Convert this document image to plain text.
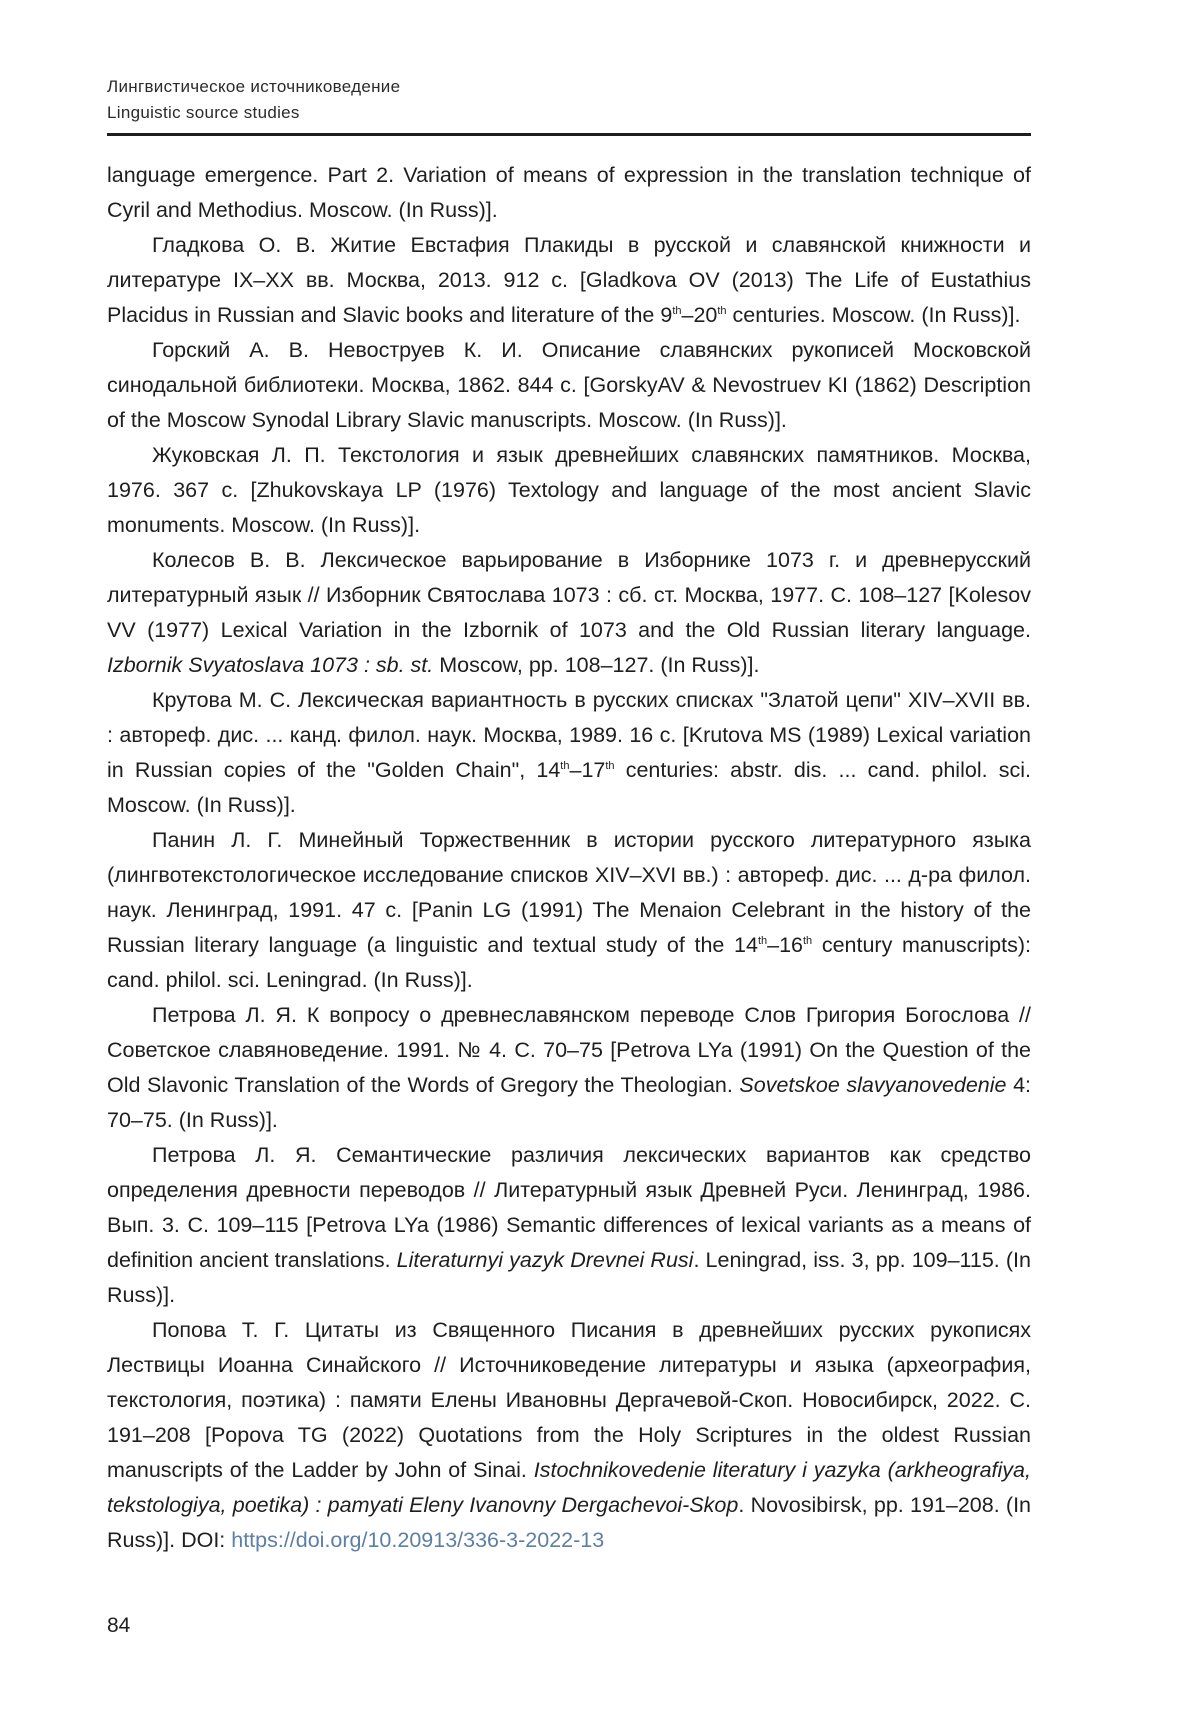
Лингвистическое источниковедение
Linguistic source studies

language emergence. Part 2. Variation of means of expression in the translation technique of Cyril and Methodius. Moscow. (In Russ)].

Гладкова О. В. Житие Евстафия Плакиды в русской и славянской книжности и литературе IX–XX вв. Москва, 2013. 912 с. [Gladkova OV (2013) The Life of Eustathius Placidus in Russian and Slavic books and literature of the 9th–20th centuries. Moscow. (In Russ)].

Горский А. В. Невоструев К. И. Описание славянских рукописей Московской синодальной библиотеки. Москва, 1862. 844 с. [GorskyAV & Nevostruev KI (1862) Description of the Moscow Synodal Library Slavic manuscripts. Moscow. (In Russ)].

Жуковская Л. П. Текстология и язык древнейших славянских памятников. Москва, 1976. 367 с. [Zhukovskaya LP (1976) Textology and language of the most ancient Slavic monuments. Moscow. (In Russ)].

Колесов В. В. Лексическое варьирование в Изборнике 1073 г. и древнерусский литературный язык // Изборник Святослава 1073 : сб. ст. Москва, 1977. С. 108–127 [Kolesov VV (1977) Lexical Variation in the Izbornik of 1073 and the Old Russian literary language. Izbornik Svyatoslava 1073 : sb. st. Moscow, pp. 108–127. (In Russ)].

Крутова М. С. Лексическая вариантность в русских списках "Златой цепи" XIV–XVII вв. : автореф. дис. ... канд. филол. наук. Москва, 1989. 16 с. [Krutova MS (1989) Lexical variation in Russian copies of the "Golden Chain", 14th–17th centuries: abstr. dis. ... cand. philol. sci. Moscow. (In Russ)].

Панин Л. Г. Минейный Торжественник в истории русского литературного языка (лингвотекстологическое исследование списков XIV–XVI вв.) : автореф. дис. ... д-ра филол. наук. Ленинград, 1991. 47 с. [Panin LG (1991) The Menaion Celebrant in the history of the Russian literary language (a linguistic and textual study of the 14th–16th century manuscripts): cand. philol. sci. Leningrad. (In Russ)].

Петрова Л. Я. К вопросу о древнеславянском переводе Слов Григория Богослова // Советское славяноведение. 1991. № 4. С. 70–75 [Petrova LYa (1991) On the Question of the Old Slavonic Translation of the Words of Gregory the Theologian. Sovetskoe slavyanovedenie 4: 70–75. (In Russ)].

Петрова Л. Я. Семантические различия лексических вариантов как средство определения древности переводов // Литературный язык Древней Руси. Ленинград, 1986. Вып. 3. С. 109–115 [Petrova LYa (1986) Semantic differences of lexical variants as a means of definition ancient translations. Literaturnyi yazyk Drevnei Rusi. Leningrad, iss. 3, pp. 109–115. (In Russ)].

Попова Т. Г. Цитаты из Священного Писания в древнейших русских рукописях Лествицы Иоанна Синайского // Источниковедение литературы и языка (археография, текстология, поэтика) : памяти Елены Ивановны Дергачевой-Скоп. Новосибирск, 2022. С. 191–208 [Popova TG (2022) Quotations from the Holy Scriptures in the oldest Russian manuscripts of the Ladder by John of Sinai. Istochnikovedenie literatury i yazyka (arkheografiya, tekstologiya, poetika) : pamyati Eleny Ivanovny Dergachevoi-Skop. Novosibirsk, pp. 191–208. (In Russ)]. DOI: https://doi.org/10.20913/336-3-2022-13

84
